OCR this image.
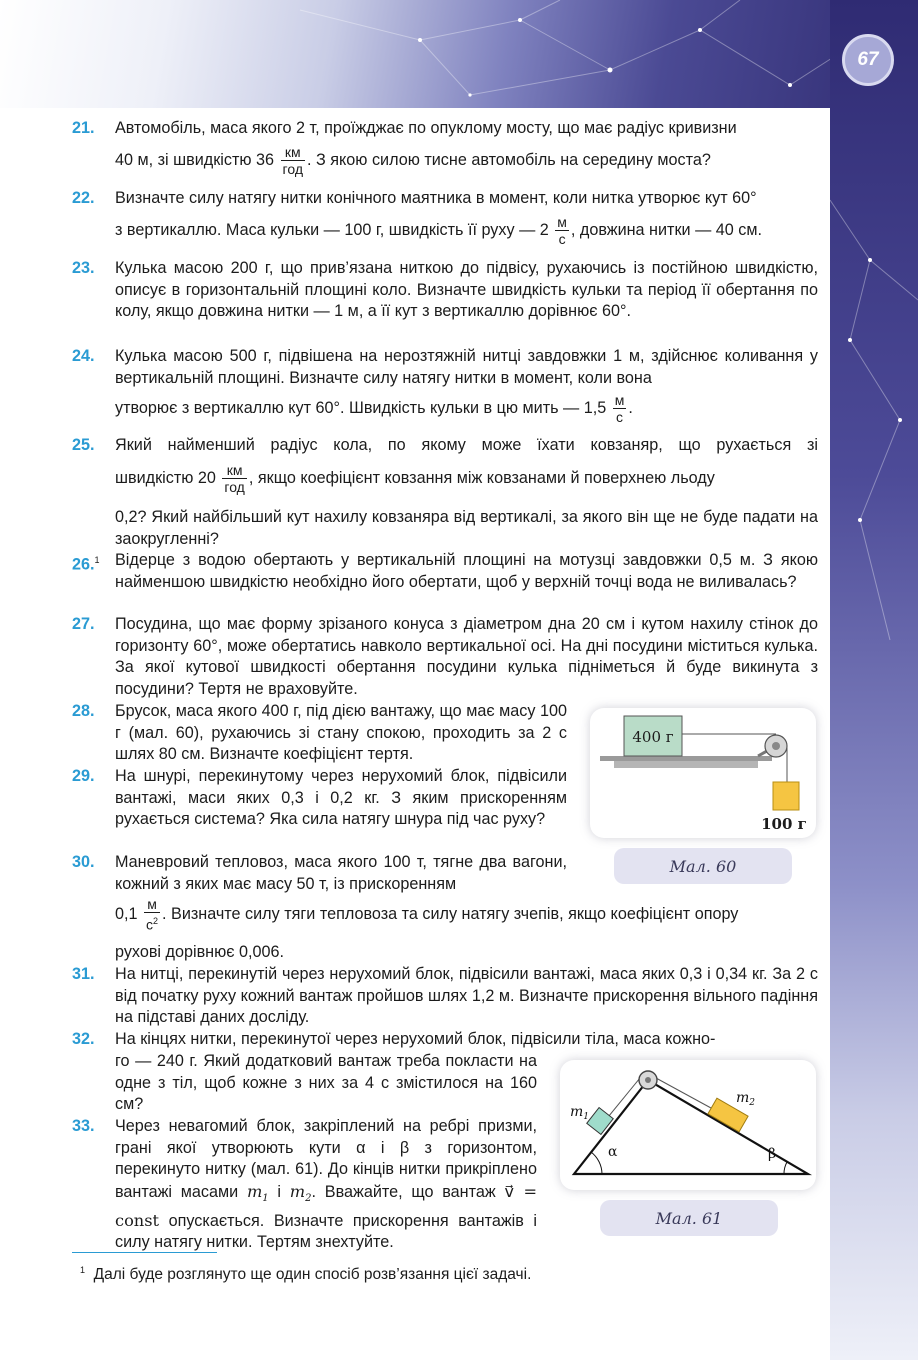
67
21. Автомобіль, маса якого 2 т, проїжджає по опуклому мосту, що має радіус кривизни
40 м, зі швидкістю $36 \frac{км}{\text{год}}$ . З якою силою тисне автомобіль на середину моста?
22. Визначте силу натягу нитки конічного маятника в момент, коли нитка утворює кут 60°
з вертикаллю. Маса кульки — 100 г, швидкість її руху — $2 \frac{м}{с}$ , довжина нитки — 40 см.
23. Кулька масою 200 г, що прив’язана ниткою до підвісу, рухаючись із постійною швидкістю, описує в горизонтальній площині коло. Визначте швидкість кульки та період її обертання по колу, якщо довжина нитки — 1 м, а її кут з вертикаллю дорівнює 60°.
24. Кулька масою 500 г, підвішена на нерозтяжній нитці завдовжки 1 м, здійснює коливання у вертикальній площині. Визначте силу натягу нитки в момент, коли вона
утворює з вертикаллю кут 60°. Швидкість кульки в цю мить — $1,5 \frac{м}{с}$ .
25. Який найменший радіус кола, по якому може їхати ковзаняр, що рухається зі
швидкістю $20 \frac{км}{\text{год}}$ , якщо коефіцієнт ковзання між ковзанами й поверхнею льоду
0,2? Який найбільший кут нахилу ковзаняра від вертикалі, за якого він ще не буде падати на заокругленні?
26.$^1$ Відерце з водою обертають у вертикальній площині на мотузці завдовжки 0,5 м. З якою найменшою швидкістю необхідно його обертати, щоб у верхній точці вода не виливалась?
27. Посудина, що має форму зрізаного конуса з діаметром дна 20 см і кутом нахилу стінок до горизонту 60°, може обертатись навколо вертикальної осі. На дні посудини міститься кулька. За якої кутової швидкості обертання посудини кулька підніметься й буде викинута з посудини? Тертя не враховуйте.
28. Брусок, маса якого 400 г, під дією вантажу, що має масу 100 г (мал. 60), рухаючись зі стану спокою, проходить за 2 с шлях 80 см. Визначте коефіцієнт тертя.
29. На шнурі, перекинутому через нерухомий блок, підвісили вантажі, маси яких 0,3 і 0,2 кг. З яким прискоренням рухається система? Яка сила натягу шнура під час руху?
30. Маневровий тепловоз, маса якого 100 т, тягне два вагони, кожний з яких має масу 50 т, із прискоренням
$0,1 \frac{м}{с^2}$ . Визначте силу тяги тепловоза та силу натягу зчепів, якщо коефіцієнт опору
рухові дорівнює 0,006.
31. На нитці, перекинутій через нерухомий блок, підвісили вантажі, маса яких 0,3 і 0,34 кг. За 2 с від початку руху кожний вантаж пройшов шлях 1,2 м. Визначте прискорення вільного падіння на підставі даних досліду.
32. На кінцях нитки, перекинутої через нерухомий блок, підвісили тіла, маса кожно-
го — 240 г. Який додатковий вантаж треба покласти на одне з тіл, щоб кожне з них за 4 с змістилося на 160 см?
33. Через невагомий блок, закріплений на ребрі призми, грані якої утворюють кути α і β з горизонтом, перекинуто нитку (мал. 61). До кінців нитки прикріплено вантажі масами $m_1$ і $m_2$. Вважайте, що вантаж v⃗ = const опускається. Визначте прискорення вантажів і силу натягу нитки. Тертям знехтуйте.
400 г
100 г
Мал. 60
α	β
$m_1$
$m_2$
Мал. 61
$^1$ Далі буде розглянуто ще один спосіб розв’язання цієї задачі.
